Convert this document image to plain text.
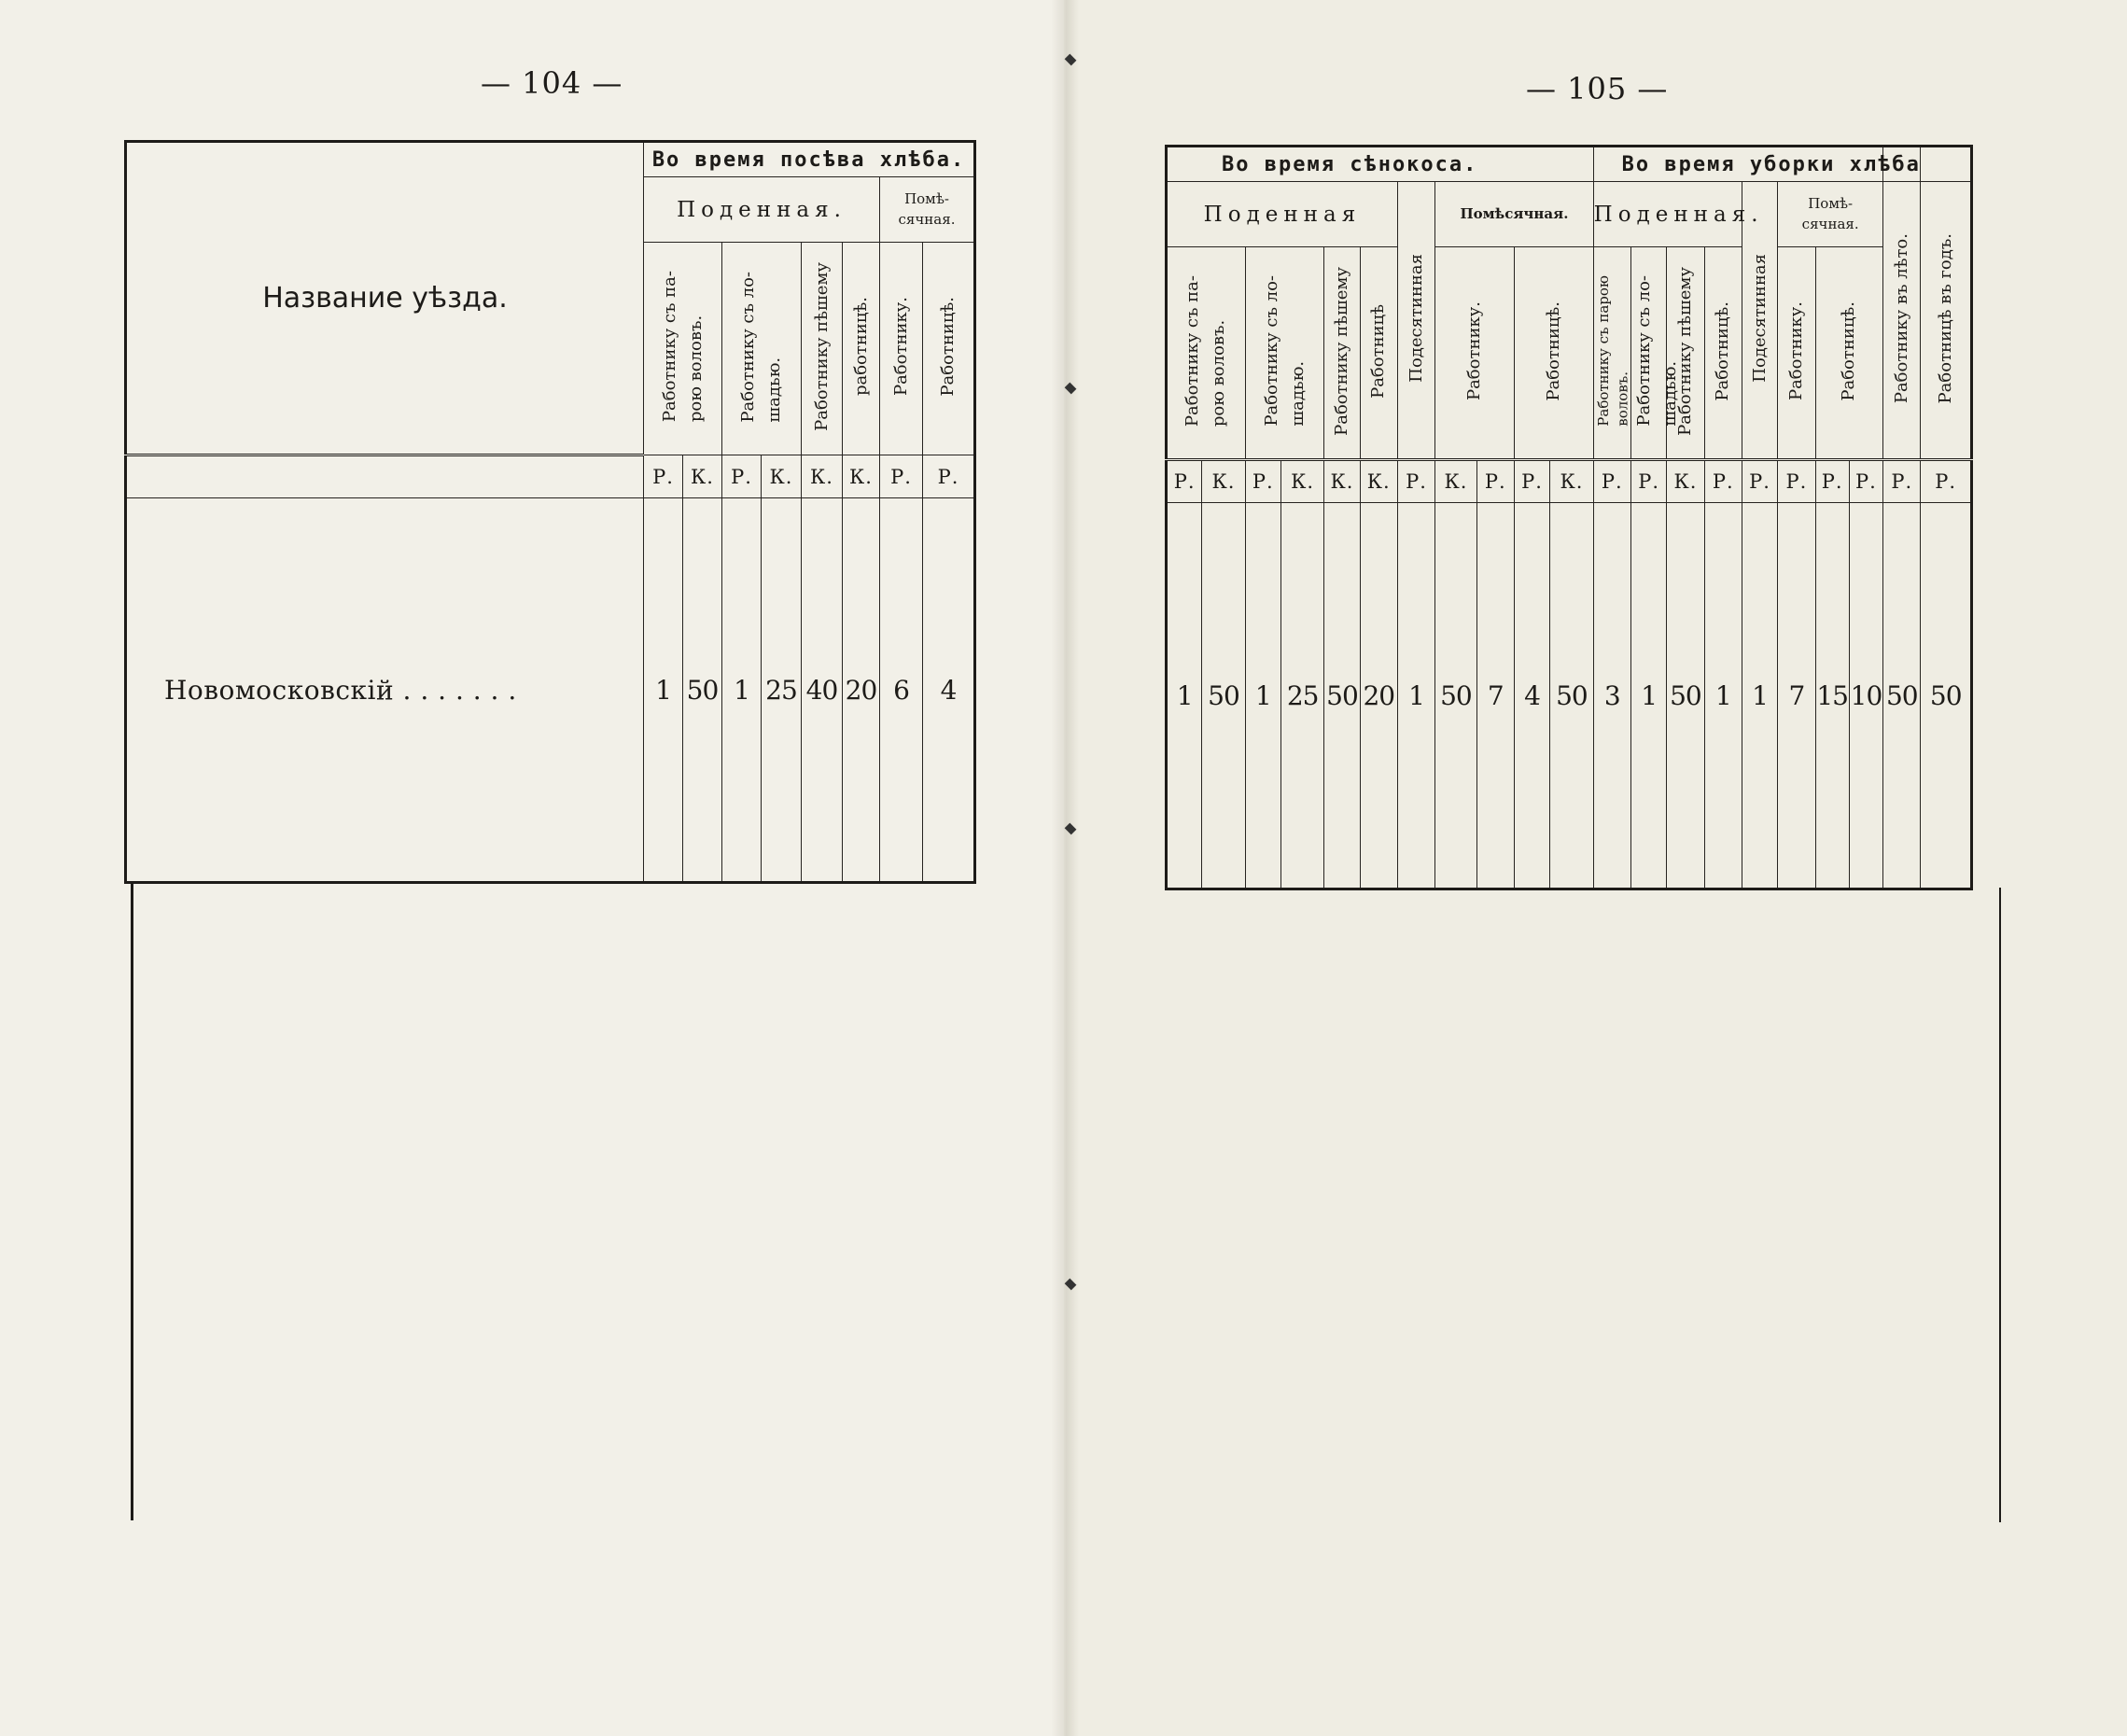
— 104 —	— 105 —
Название уѣзда.	Во время посѣва хлѣба.							
	Поденная.						Помѣ-
сячная.	
	Работнику съ па-
рою воловъ.		Работнику съ ло-
шадью.		Работнику пѣшему	работницѣ.	Работнику.	Работницѣ.
	Р.	К.	Р.	К.	К.	К.	Р.	Р.
Новомосковскій . . . . . . .	1	50	1	25	40	20	6	4
Во время сѣнокоса.											Во время уборки хлѣба									
Поденная						Подесятинная	Помѣсячная.				Поденная.				Подесятинная	Помѣ-
сячная.			Работнику въ лѣто.	Работницѣ въ годъ.
Работнику съ па-
рою воловъ.		Работнику съ ло-
шадью.		Работнику пѣшему	Работницѣ		Работнику.		Работницѣ.		Работнику съ парою
воловъ.	Работнику съ ло-
шадью.	Работнику пѣшему	Работницѣ.		Работнику.	Работницѣ.			
Р.	К.	Р.	К.	К.	К.	Р.	К.	Р.	Р.	К.	Р.	Р.	К.	Р.	Р.	Р.	Р.	Р.	Р.	Р.
1	50	1	25	50	20	1	50	7	4	50	3	1	50	1	1	7	15	10	50	50
